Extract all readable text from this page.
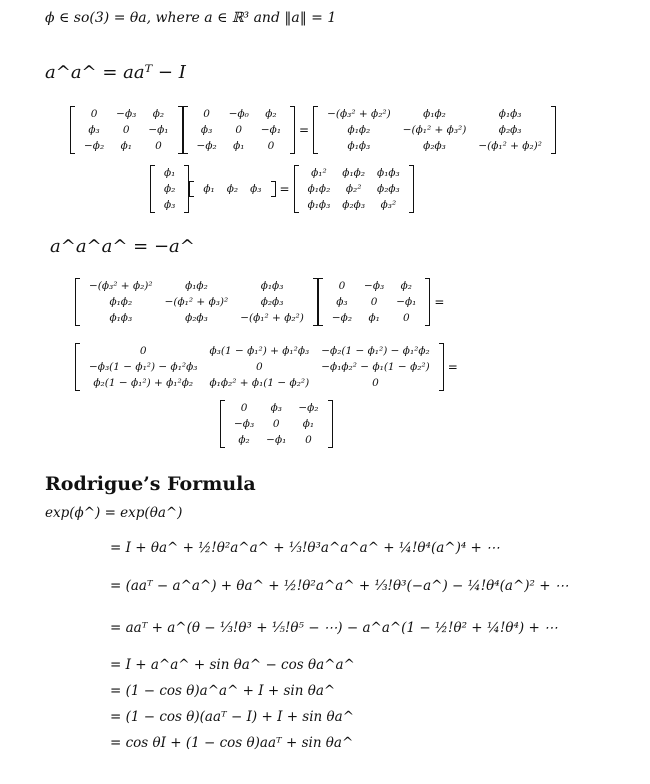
ϕ ∈ so(3) = θa, where a ∈ ℝ³ and ‖a‖ = 1
a^a^ = aaᵀ − I
0	−ϕ₃	ϕ₂
ϕ₃	0	−ϕ₁
−ϕ₂	ϕ₁	0
0	−ϕ₀	ϕ₂
ϕ₃	0	−ϕ₁
−ϕ₂	ϕ₁	0
=
−(ϕ₃² + ϕ₂²)	ϕ₁ϕ₂	ϕ₁ϕ₃
ϕ₁ϕ₂	−(ϕ₁² + ϕ₃²)	ϕ₂ϕ₃
ϕ₁ϕ₃	ϕ₂ϕ₃	−(ϕ₁² + ϕ₂)²
ϕ₁
ϕ₂
ϕ₃
ϕ₁	ϕ₂	ϕ₃	=
ϕ₁²	ϕ₁ϕ₂	ϕ₁ϕ₃
ϕ₁ϕ₂	ϕ₂²	ϕ₂ϕ₃
ϕ₁ϕ₃	ϕ₂ϕ₃	ϕ₃²
a^a^a^ = −a^
−(ϕ₃² + ϕ₂)²	ϕ₁ϕ₂	ϕ₁ϕ₃
ϕ₁ϕ₂	−(ϕ₁² + ϕ₃)²	ϕ₂ϕ₃
ϕ₁ϕ₃	ϕ₂ϕ₃	−(ϕ₁² + ϕ₂²)
0	−ϕ₃	ϕ₂
ϕ₃	0	−ϕ₁
−ϕ₂	ϕ₁	0
=
0	ϕ₃(1 − ϕ₁²) + ϕ₁²ϕ₃	−ϕ₂(1 − ϕ₁²) − ϕ₁²ϕ₂
−ϕ₃(1 − ϕ₁²) − ϕ₁²ϕ₃	0	−ϕ₁ϕ₂² − ϕ₁(1 − ϕ₂²)
ϕ₂(1 − ϕ₁²) + ϕ₁²ϕ₂	ϕ₁ϕ₂² + ϕ₁(1 − ϕ₂²)	0
=
0	ϕ₃	−ϕ₂
−ϕ₃	0	ϕ₁
ϕ₂	−ϕ₁	0
Rodrigue’s Formula
exp(ϕ^) = exp(θa^)
= I + θa^ + ½!θ²a^a^ + ⅓!θ³a^a^a^ + ¼!θ⁴(a^)⁴ + ⋯
= (aaᵀ − a^a^) + θa^ + ½!θ²a^a^ + ⅓!θ³(−a^) − ¼!θ⁴(a^)² + ⋯
= aaᵀ + a^(θ − ⅓!θ³ + ⅕!θ⁵ − ⋯) − a^a^(1 − ½!θ² + ¼!θ⁴) + ⋯
= I + a^a^ + sin θa^ − cos θa^a^
= (1 − cos θ)a^a^ + I + sin θa^
= (1 − cos θ)(aaᵀ − I) + I + sin θa^
= cos θI + (1 − cos θ)aaᵀ + sin θa^
